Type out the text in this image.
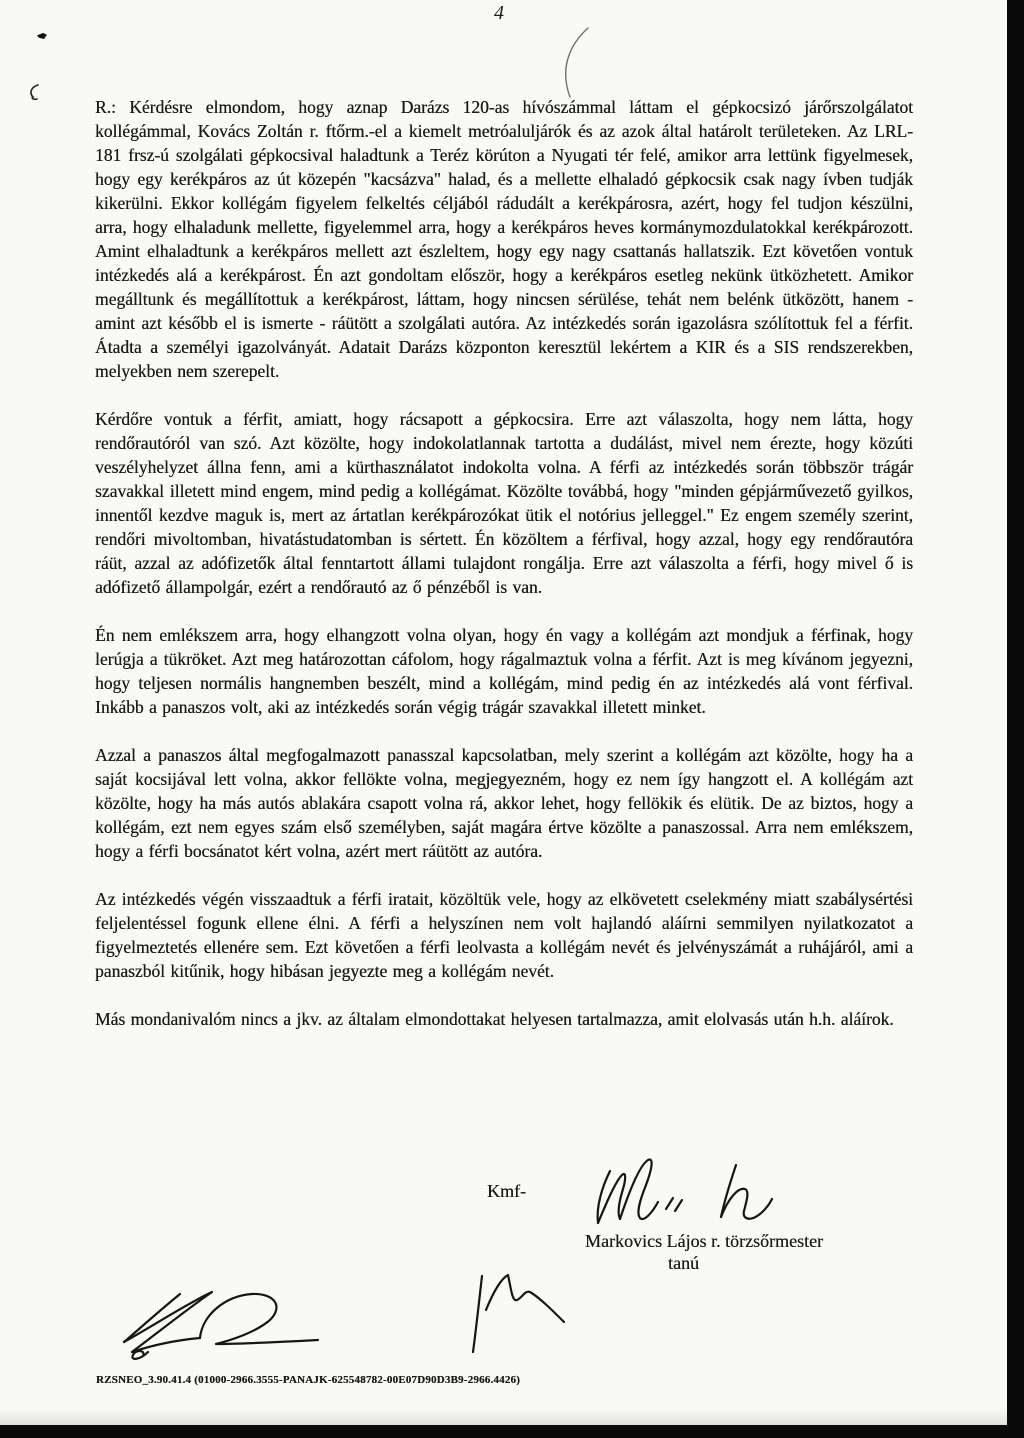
4

R.: Kérdésre elmondom, hogy aznap Darázs 120-as hívószámmal láttam el gépkocsizó járőrszolgálatot kollégámmal, Kovács Zoltán r. ftőrm.-el a kiemelt metróaluljárók és az azok által határolt területeken. Az LRL-181 frsz-ú szolgálati gépkocsival haladtunk a Teréz körúton a Nyugati tér felé, amikor arra lettünk figyelmesek, hogy egy kerékpáros az út közepén "kacsázva" halad, és a mellette elhaladó gépkocsik csak nagy ívben tudják kikerülni. Ekkor kollégám figyelem felkeltés céljából rádudált a kerékpárosra, azért, hogy fel tudjon készülni, arra, hogy elhaladunk mellette, figyelemmel arra, hogy a kerékpáros heves kormánymozdulatokkal kerékpározott. Amint elhaladtunk a kerékpáros mellett azt észleltem, hogy egy nagy csattanás hallatszik. Ezt követően vontuk intézkedés alá a kerékpárost. Én azt gondoltam először, hogy a kerékpáros esetleg nekünk ütközhetett. Amikor megálltunk és megállítottuk a kerékpárost, láttam, hogy nincsen sérülése, tehát nem belénk ütközött, hanem - amint azt később el is ismerte - ráütött a szolgálati autóra. Az intézkedés során igazolásra szólítottuk fel a férfit. Átadta a személyi igazolványát. Adatait Darázs központon keresztül lekértem a KIR és a SIS rendszerekben, melyekben nem szerepelt.

Kérdőre vontuk a férfit, amiatt, hogy rácsapott a gépkocsira. Erre azt válaszolta, hogy nem látta, hogy rendőrautóról van szó. Azt közölte, hogy indokolatlannak tartotta a dudálást, mivel nem érezte, hogy közúti veszélyhelyzet állna fenn, ami a kürthasználatot indokolta volna. A férfi az intézkedés során többször trágár szavakkal illetett mind engem, mind pedig a kollégámat. Közölte továbbá, hogy "minden gépjárművezető gyilkos, innentől kezdve maguk is, mert az ártatlan kerékpározókat ütik el notórius jelleggel." Ez engem személy szerint, rendőri mivoltomban, hivatástudatomban is sértett. Én közöltem a férfival, hogy azzal, hogy egy rendőrautóra ráüt, azzal az adófizetők által fenntartott állami tulajdont rongálja. Erre azt válaszolta a férfi, hogy mivel ő is adófizető állampolgár, ezért a rendőrautó az ő pénzéből is van.

Én nem emlékszem arra, hogy elhangzott volna olyan, hogy én vagy a kollégám azt mondjuk a férfinak, hogy lerúgja a tükröket. Azt meg határozottan cáfolom, hogy rágalmaztuk volna a férfit. Azt is meg kívánom jegyezni, hogy teljesen normális hangnemben beszélt, mind a kollégám, mind pedig én az intézkedés alá vont férfival. Inkább a panaszos volt, aki az intézkedés során végig trágár szavakkal illetett minket.

Azzal a panaszos által megfogalmazott panasszal kapcsolatban, mely szerint a kollégám azt közölte, hogy ha a saját kocsijával lett volna, akkor fellökte volna, megjegyezném, hogy ez nem így hangzott el. A kollégám azt közölte, hogy ha más autós ablakára csapott volna rá, akkor lehet, hogy fellökik és elütik. De az biztos, hogy a kollégám, ezt nem egyes szám első személyben, saját magára értve közölte a panaszossal. Arra nem emlékszem, hogy a férfi bocsánatot kért volna, azért mert ráütött az autóra.

Az intézkedés végén visszaadtuk a férfi iratait, közöltük vele, hogy az elkövetett cselekmény miatt szabálysértési feljelentéssel fogunk ellene élni. A férfi a helyszínen nem volt hajlandó aláírni semmilyen nyilatkozatot a figyelmeztetés ellenére sem. Ezt követően a férfi leolvasta a kollégám nevét és jelvényszámát a ruhájáról, ami a panaszból kitűnik, hogy hibásan jegyezte meg a kollégám nevét.

Más mondanivalóm nincs a jkv. az általam elmondottakat helyesen tartalmazza, amit elolvasás után h.h. aláírok.

Kmf-
Markovics Lájos r. törzsőrmester
tanú
RZSNEO_3.90.41.4 (01000-2966.3555-PANAJK-625548782-00E07D90D3B9-2966.4426)
